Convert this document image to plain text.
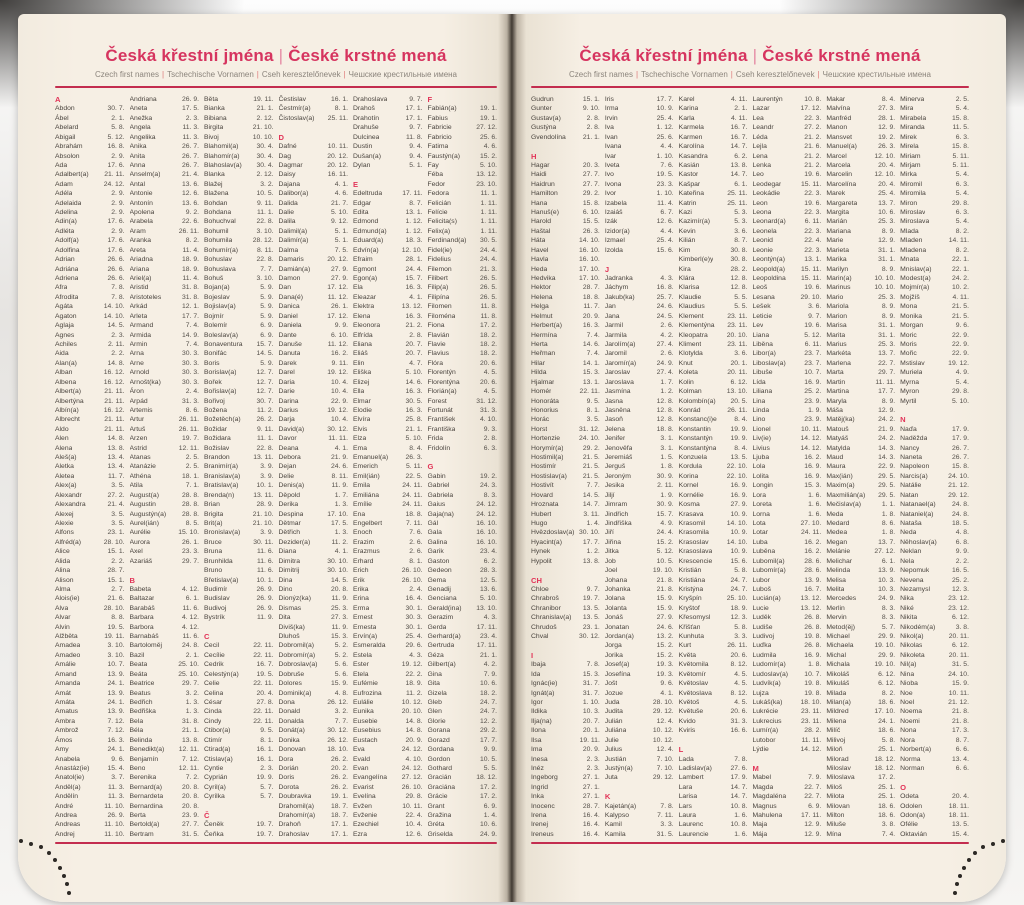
Česká křestní jména | České krstné mená
Czech first names | Tschechische Vornamen | Cseh keresztelőnevek | Чешские крестильные имена
A
Abdon	30. 7.
Ábel	2. 1.
Abelard	5. 8.
Abigail	5. 12.
Abrahám	16. 8.
Absolon	2. 9.
Ada	17. 6.
Adalbert(a) 21. 11.
Adam	24. 12.
Adéla	2. 9.
Adelaida	2. 9.
Adelina	2. 9.
Adin(a)	17. 6.
Adléta	2. 9.
Adolf(a)	17. 6.
Adolfina	17. 6.
Adrian	26. 6.
Adriána	26. 6.
Adriena	26. 6.
Afra	7. 8.
Afrodita	7. 8.
Agáta	14. 10.
Agaton	14. 10.
Aglaja	14. 5.
Agnes	2. 3.
Achiles	2. 11.
Aida	2. 2.
Alan(a)	14. 8.
Alban	16. 12.
Albena	16. 12.
Albert(a)	21. 11.
Albertýna	21. 11.
Albín(a)	16. 12.
Albrecht	21. 11.
Aldo	21. 11.
Alen	14. 8.
Alena	13. 8.
Aleš(a)	13. 4.
Aletka	13. 4.
Aletea	11. 7.
Alex(a)	3. 5.
Alexandr	27. 2.
Alexandra	21. 4.
Alexej	3. 5.
Alexie	3. 5.
Alfons	23. 1.
Alfréd(a)	28. 10.
Alice	15. 1.
Alida	2. 2.
Alina	28. 7.
Alison	15. 1.
Alma	2. 7.
Alois(ie)	21. 6.
Alva	28. 10.
Alvar	8. 8.
Alvin	19. 5.
Alžběta	19. 11.
Amadea	3. 10.
Amadeo	3. 10.
Amálie	10. 7.
Amand	13. 9.
Amanda	24. 1.
Amát	13. 9.
Amáta	24. 1.
Amatus	13. 9.
Ambra	7. 12.
Ambrož	7. 12.
Ámos	16. 3.
Amy	24. 1.
Anabela	9. 6.
Anastáz(ie)	15. 4.
Anatol(ie)	3. 7.
Anděl(a)	11. 3.
Andělín	11. 3.
André	11. 10.
Andrea	26. 9.
Andreas	11. 10.
Andrej	11. 10.
Andriana	26. 9.
Aneta	17. 5.
Anežka	2. 3.
Angela	11. 3.
Angelika	11. 3.
Anika	26. 7.
Anita	26. 7.
Anna	26. 7.
Anselm(a)	21. 4.
Antal	13. 6.
Antonie	12. 6.
Antonín	13. 6.
Apolena	9. 2.
Arabela	22. 6.
Aram	26. 11.
Aranka	8. 2.
Areta	11. 4.
Ariadna	18. 9.
Ariana	18. 9.
Ariel(a)	11. 4.
Aristid	31. 8.
Aristoteles	31. 8.
Arkád	12. 1.
Arleta	17. 7.
Armand	7. 4.
Armida	14. 9.
Armin	7. 4.
Arna	30. 3.
Arne	30. 3.
Arnold	30. 3.
Arnošt(ka)	30. 3.
Áron	2. 4.
Arpád	31. 3.
Artemis	8. 6.
Artur	26. 11.
Artuš	26. 11.
Arzen	19. 7.
Astrid	12. 11.
Atanas	2. 5.
Atanázie	2. 5.
Athéna	18. 1.
Atila	7. 1.
August(a)	28. 8.
Augustin	28. 8.
Augustýn(a) 28. 8.
Aurel(ián)	8. 5.
Aurélie	15. 10.
Aurora	26. 1.
Axel	23. 3.
Azariáš	29. 7.
B
Babeta	4. 12.
Baltazar	6. 1.
Barabáš	11. 6.
Barbara	4. 12.
Barbora	4. 12.
Barnabáš	11. 6.
Bartoloměj	24. 8.
Bazil	2. 1.
Beata	25. 10.
Beáta	25. 10.
Beatrice	29. 7.
Beatus	3. 2.
Bedřich	1. 3.
Bedřiška	1. 3.
Bela	31. 8.
Béla	21. 1.
Belinda	13. 8.
Benedikt(a) 12. 11.
Benjamín	7. 12.
Beno	12. 11.
Berenika	7. 2.
Bernard(a)	20. 8.
Bernardeta	20. 8.
Bernardina	20. 8.
Berta	23. 9.
Bertold(a)	27. 7.
Bertram	31. 5.
Běta	19. 11.
Bianka	21. 1.
Bibiana	2. 12.
Birgita	21. 10.
Bivoj	10. 10.
Blahomil(a)	30. 4.
Blahomír(a) 30. 4.
Blahoslav(a) 30. 4.
Blanka	2. 12.
Blažej	3. 2.
Blažena	10. 5.
Bohdan	9. 11.
Bohdana	11. 1.
Bohuchval	22. 8.
Bohumil	3. 10.
Bohumila	28. 12.
Bohumír(a)	8. 11.
Bohuslav	22. 8.
Bohuslava	7. 7.
Bohuš	3. 10.
Bojan(a)	5. 9.
Bojeslav	5. 9.
Bojislav(a)	5. 9.
Bojmír	5. 9.
Bolemír	6. 9.
Boleslav(a)	6. 9.
Bonaventura 15. 7.
Bonifác	14. 5.
Boris	5. 9.
Borislav(a)	12. 7.
Bořek	12. 7.
Bořislav(a)	12. 7.
Bořivoj	30. 7.
Božena	11. 2.
Božetěch(a) 26. 2.
Božidar	9. 11.
Božidara	11. 1.
Božislav	22. 8.
Brandon	13. 11.
Branimír(a)	3. 9.
Branislav(a)	3. 9.
Bratislav(a)	10. 1.
Brenda(n)	13. 11.
Brian	28. 9.
Brigita	21. 10.
Brit(a)	21. 10.
Bronislav(a)	3. 9.
Bruce	30. 11.
Bruna	11. 6.
Brunhilda	11. 6.
Bruno	11. 6.
Břetislav(a)	10. 1.
Budimír	26. 9.
Budislav	26. 9.
Budivoj	26. 9.
Bystrík	11. 9.
C
Cecil	22. 11.
Cecílie	22. 11.
Cedrik	16. 7.
Celestýn(a)	19. 5.
Celie	22. 11.
Celina	20. 4.
César	27. 8.
Cinda	22. 11.
Cindy	22. 11.
Ctibor(a)	9. 5.
Ctimír	8. 1.
Ctirad(a)	16. 1.
Ctislav(a)	16. 1.
Cyntie	2. 3.
Cyprián	19. 9.
Cyril(a)	5. 7.
Cyrilka	5. 7.
Č
Čeněk	19. 7.
Čeňka	19. 7.
Čestislav	16. 1.
Čestmír(a)	8. 1.
Čistoslav(a) 25. 11.
D
Dafné	10. 11.
Dag	20. 12.
Dagmar	20. 12.
Daisy	16. 11.
Dajana	4. 1.
Dalibor(a)	4. 6.
Dalida	21. 7.
Dalie	5. 10.
Dalila	9. 12.
Dalimil(a)	5. 1.
Dalimír(a)	5. 1.
Dalma	7. 5.
Damaris	20. 12.
Damián(a)	27. 9.
Damon	27. 9.
Dan	17. 12.
Dana(é)	11. 12.
Danica	26. 1.
Daniel	17. 12.
Daniela	9. 9.
Dante	6. 10.
Danuše	11. 12.
Danuta	16. 2.
Darek	9. 11.
Darel	19. 12.
Daria	10. 4.
Darie	10. 4.
Darina	22. 9.
Darius	19. 12.
Darja	10. 4.
David(a)	30. 12.
Davor	11. 11.
Deana	4. 1.
Debora	21. 9.
Dejan	24. 6.
Delie	8. 11.
Denis(a)	11. 9.
Děpold	1. 7.
Derika	1. 3.
Despina	17. 10.
Dětmar	17. 5.
Dětřich	1. 3.
Dezider(a)	11. 2.
Diana	4. 1.
Dimitra	30. 10.
Dimitrij	30. 10.
Dina	14. 5.
Dino	20. 8.
Dionýz(ka)	11. 9.
Dismas	25. 3.
Dita	27. 3.
Diviš(ka)	11. 9.
Dluhoš	15. 3.
Dobromil(a)	5. 2.
Dobromír(a)	5. 2.
Dobroslav(a)	5. 6.
Dobruše	5. 6.
Dolores	15. 9.
Dominik(a)	4. 8.
Dona	26. 12.
Donald	3. 2.
Donalda	7. 7.
Donát(a)	30. 12.
Donika	26. 12.
Donovan	18. 10.
Dora	26. 2.
Dorián	20. 2.
Doris	26. 2.
Dorota	26. 2.
Doubravka	19. 1.
Drahomil(a) 18. 7.
Drahomír(a) 18. 7.
Drahoň	17. 1.
Drahoslav	17. 1.
Drahoslava	9. 7.
Drahoš	17. 1.
Drahotín	17. 1.
Drahuše	9. 7.
Dulcinea	11. 8.
Dustin	9. 4.
Dušan(a)	9. 4.
Dylan	5. 1.
E
Edeltruda	17. 11.
Edgar	8. 7.
Edita	13. 1.
Edmond	1. 12.
Edmund(a)	1. 12.
Eduard(a)	18. 3.
Edvín(a)	12. 10.
Efraim	28. 1.
Egmont	24. 4.
Egon(a)	15. 7.
Ela	16. 3.
Eleazar	4. 1.
Elektra	13. 12.
Elena	16. 3.
Eleonora	21. 2.
Elfrída	2. 8.
Eliana	20. 7.
Eliáš	20. 7.
Elin	4. 7.
Eliška	5. 10.
Elizej	14. 6.
Ella	16. 3.
Elmar	30. 5.
Elodie	16. 3.
Elvíra	25. 8.
Elvis	21. 1.
Elza	5. 10.
Ema	8. 4.
Emanuel(a)	26. 3.
Emerich	5. 11.
Emil(ián)	22. 5.
Emila	24. 11.
Emiliána	24. 11.
Emílie	24. 11.
Ena	18. 8.
Engelbert	7. 11.
Enoch	7. 6.
Erazim	2. 6.
Erazmus	2. 6.
Erhard	8. 1.
Erich	26. 10.
Erik	26. 10.
Erika	2. 4.
Erina	16. 4.
Erma	30. 1.
Ernest	30. 3.
Ernesta	30. 1.
Ervín(a)	25. 4.
Esmeralda	29. 6.
Estela	4. 3.
Ester	19. 12.
Etela	22. 2.
Eufémie	18. 9.
Eufrozina	11. 2.
Eulálie	10. 12.
Eunika	20. 10.
Eusebie	14. 8.
Eusebius	14. 8.
Eustach	20. 9.
Eva	24. 12.
Evald	4. 10.
Evan	24. 12.
Evangelína 27. 12.
Evarist	26. 10.
Evelína	29. 8.
Evžen	10. 11.
Evženie	22. 4.
Ezechiel	10. 4.
Ezra	12. 6.
F
Fabián(a)	19. 1.
Fabius	19. 1.
Fabricie	27. 12.
Fabricio	25. 6.
Fatima	4. 6.
Faustýn(a)	15. 2.
Fay	5. 10.
Féba	13. 12.
Fedor	23. 10.
Fedora	11. 1.
Felicián	1. 11.
Felície	1. 11.
Felicita(s)	1. 11.
Felix(a)	1. 11.
Ferdinand(a) 30. 5.
Fidel(ie)	24. 4.
Fidelius	24. 4.
Filemon	21. 3.
Filibert	26. 5.
Filip(a)	26. 5.
Filipína	26. 5.
Filomen	11. 8.
Filoména	11. 8.
Fiona	17. 2.
Flavián	18. 2.
Flavie	18. 2.
Flavius	18. 2.
Flóra	20. 6.
Florentýn	4. 5.
Florentýna	20. 6.
Florián(a)	4. 5.
Forest	31. 12.
Fortunát	31. 3.
František	4. 10.
Františka	9. 3.
Frida	2. 8.
Fridolín	6. 3.
G
Gabin	19. 2.
Gabriel	24. 3.
Gabriela	8. 3.
Gaius	24. 12.
Gaja(na)	24. 12.
Gál	16. 10.
Gala	16. 10.
Galina	16. 10.
Garik	23. 4.
Gaston	6. 2.
Gedeon	28. 3.
Gema	12. 5.
Genadij	13. 6.
Genciana	5. 10.
Gerald(ina) 13. 10.
Gerazim	4. 3.
Gerda	17. 11.
Gerhard(a)	23. 4.
Gertruda	17. 11.
Géza	21. 1.
Gilbert(a)	4. 2.
Gina	7. 9.
Gita	10. 6.
Gizela	18. 2.
Gleb	24. 7.
Glen	24. 7.
Glorie	12. 2.
Gorana	29. 2.
Gorazd	17. 7.
Gordana	9. 9.
Gordon	10. 5.
Gothard	5. 5.
Gracián	18. 12.
Graciána	17. 2.
Grácie	17. 2.
Grant	6. 9.
Gražina	1. 4.
Gréta	10. 6.
Griselda	24. 9.
Česká křestní jména | České krstné mená
Czech first names | Tschechische Vornamen | Cseh keresztelőnevek | Чешские крестильные имена
Gudrun	15. 1.
Gunter	9. 10.
Gustav(a)	2. 8.
Gustýna	2. 8.
Gvendolína	21. 1.
H
Hagar	20. 3.
Haidi	27. 7.
Haidrun	27. 7.
Hamilton	29. 2.
Hana	15. 8.
Hanuš(e)	6. 10.
Harold	15. 5.
Haštal	26. 3.
Háta	14. 10.
Havel	16. 10.
Havla	16. 10.
Heda	17. 10.
Hedvika	17. 10.
Hektor	28. 7.
Helena	18. 8.
Helga	11. 7.
Helmut	20. 9.
Herbert(a)	16. 3.
Hermína	7. 4.
Herta	14. 6.
Heřman	7. 4.
Hilar	14. 1.
Hilda	15. 3.
Hjalmar	13. 1.
Homér	22. 11.
Honoráta	9. 5.
Honorius	8. 1.
Horác	3. 5.
Horst	31. 12.
Hortenzie	24. 10.
Horymír(a)	29. 2.
Hostimil(a)	21. 5.
Hostimír	21. 5.
Hostislav(a) 21. 5.
Hostivít	7. 7.
Hovard	14. 5.
Hroznata	14. 7.
Hubert	3. 11.
Hugo	1. 4.
Hvězdoslav(a) 30. 10.
Hyacint(a)	17. 7.
Hynek	1. 2.
Hypolit	13. 8.
CH
Chloe	9. 7.
Chrabroš	19. 7.
Chranibor	13. 5.
Chranislav(a) 13. 5.
Chrudoš	23. 1.
Chval	30. 12.
I
Ibaja	7. 8.
Ida	15. 3.
Ignác(ie)	31. 7.
Ignát(a)	31. 7.
Igor	1. 10.
Ildika	10. 3.
Ilja(na)	20. 7.
Ilona	20. 1.
Ilsa	19. 11.
Ima	20. 9.
Inesa	2. 3.
Inéz	2. 3.
Ingeborg	27. 1.
Ingrid	27. 1.
Inka	27. 1.
Inocenc	28. 7.
Irena	16. 4.
Irenej	16. 4.
Ireneus	16. 4.
Iris	17. 7.
Irma	10. 9.
Irvin	25. 4.
Iva	1. 12.
Ivan	25. 6.
Ivana	4. 4.
Ivar	1. 10.
Iveta	7. 6.
Ivo	19. 5.
Ivona	23. 3.
Ivor	1. 10.
Izabela	11. 4.
Izaiáš	6. 7.
Izák	12. 6.
Izidor(a)	4. 4.
Izmael	25. 4.
Izolda	15. 6.
J
Jadranka	4. 3.
Jáchym	16. 8.
Jakub(ka)	25. 7.
Jan	24. 6.
Jana	24. 5.
Jarmil	2. 6.
Jarmila	4. 2.
Jarolím(a)	27. 4.
Jaromil	2. 6.
Jaromír(a)	24. 9.
Jaroslav	27. 4.
Jaroslava	1. 7.
Jasmína	1. 2.
Jasna	12. 8.
Jasněna	12. 8.
Jasoň	12. 8.
Jelena	18. 8.
Jenifer	3. 1.
Jenověfa	3. 1.
Jeremiáš	1. 5.
Jerguš	1. 8.
Jeroným	30. 9.
Jesika	2. 11.
Jiljí	1. 9.
Jimram	30. 9.
Jindřich	15. 7.
Jindřiška	4. 9.
Jiří	24. 4.
Jiřina	15. 2.
Jitka	5. 12.
Job	10. 5.
Joel	19. 10.
Johana	21. 8.
Johanka	21. 8.
Jolana	15. 9.
Jolanta	15. 9.
Jonáš	27. 9.
Jonatan	24. 6.
Jordan(a)	13. 2.
Jorga	15. 2.
Jorika	15. 2.
Josef(a)	19. 3.
Josefína	19. 3.
Jošt	9. 6.
Jozue	4. 1.
Juda	28. 10.
Judita	29. 12.
Julián	12. 4.
Juliána	10. 12.
Julie	10. 12.
Julius	12. 4.
Justián	7. 10.
Justýn(a)	7. 10.
Juta	29. 12.
K
Kajetán(a)	7. 8.
Kalypso	7. 11.
Kamil	3. 3.
Kamila	31. 5.
Karel	4. 11.
Karina	2. 1.
Karla	4. 11.
Karmela	16. 7.
Karmen	16. 7.
Karolína	14. 7.
Kasandra	6. 2.
Kasián	13. 8.
Kastor	14. 7.
Kašpar	6. 1.
Kateřina	25. 11.
Katrin	25. 11.
Kazi	5. 3.
Kazimír(a)	5. 3.
Kevin	3. 6.
Kilián	8. 7.
Kim	30. 8.
Kimberl(e)y	30. 8.
Kira	28. 2.
Klára	12. 8.
Klarisa	12. 8.
Klaudie	5. 5.
Klaudius	5. 5.
Klement	23. 11.
Klementýna 23. 11.
Kleopatra	20. 10.
Kliment	23. 11.
Klotylda	3. 6.
Knut	20. 1.
Koleta	20. 11.
Kolin	6. 12.
Kolman	13. 10.
Kolombín(a) 20. 5.
Konrád	26. 11.
Konstanc(i)e	8. 4.
Konstantin	19. 9.
Konstantýn	19. 9.
Konstantýna	8. 4.
Konzuela	13. 5.
Kordula	22. 10.
Korina	22. 10.
Kornel	16. 9.
Kornélie	16. 9.
Kosma	27. 9.
Krasava	10. 9.
Krasomil	14. 10.
Krasomila	10. 9.
Krasoslav	14. 10.
Krasoslava	10. 9.
Krescencie	15. 6.
Kristián	5. 8.
Kristiána	24. 7.
Kristýna	24. 7.
Kryšpín	25. 10.
Kryštof	18. 9.
Křesomysl	12. 3.
Křišťan	5. 8.
Kunhuta	3. 3.
Kurt	26. 11.
Květa	20. 6.
Květomila	8. 12.
Květomír	4. 5.
Květoslav	4. 5.
Květoslava	8. 12.
Květoš	4. 5.
Květuše	20. 6.
Kvido	31. 3.
Kviris	16. 6.
L
Lada	7. 8.
Ladislav(a)	27. 6.
Lambert	17. 9.
Lara	14. 7.
Larisa	14. 7.
Lars	10. 8.
Laura	1. 6.
Laurenc	10. 8.
Laurencie	1. 6.
Laurentýn	10. 8.
Lazar	17. 12.
Lea	22. 3.
Leandr	27. 2.
Léda	21. 2.
Lejla	21. 6.
Lena	21. 2.
Lenka	21. 2.
Leo	19. 6.
Leodegar	15. 11.
Leokádie	22. 3.
Leon	19. 6.
Leona	22. 3.
Leonard(a)	6. 11.
Leonela	22. 3.
Leonid	22. 4.
Leonie	22. 3.
Leontýn(a)	13. 1.
Leopold(a) 15. 11.
Leopoldina 15. 11.
Leoš	19. 6.
Lesana	29. 10.
Lešek	3. 6.
Leticie	9. 7.
Lev	19. 6.
Liana	5. 12.
Liběna	6. 11.
Libor(a)	23. 7.
Liboslav(a)	23. 7.
Libuše	10. 7.
Lída	16. 9.
Liliana	25. 2.
Lina	23. 9.
Linda	1. 9.
Lino	23. 9.
Lionel	10. 11.
Liv(ie)	14. 12.
Livius	14. 12.
Ljuba	16. 2.
Lola	16. 9.
Lolita	16. 9.
Longin	15. 3.
Lora	1. 6.
Loreta	1. 6.
Lorna	1. 6.
Lota	27. 10.
Lotar	24. 11.
Luba	16. 2.
Luběna	16. 2.
Lubomil(a)	28. 6.
Lubomír(a)	28. 6.
Lubor	13. 9.
Luboš	16. 7.
Lucián(a)	13. 12.
Lucie	13. 12.
Luděk	26. 8.
Ludiše	26. 8.
Ludivoj	19. 8.
Luďka	26. 8.
Ludmila	16. 9.
Ludomír(a)	1. 8.
Ludoslav(a) 10. 7.
Ludvík(a)	19. 8.
Lujza	19. 8.
Lukáš(ka)	18. 10.
Lukrécie	23. 11.
Lukrecius	23. 11.
Lumír(a)	28. 2.
Lutobor	11. 11.
Lýdie	14. 12.
M
Mabel	7. 9.
Magda	22. 7.
Magdaléna	22. 7.
Magnus	6. 9.
Mahulena	17. 11.
Maja	12. 9.
Mája	12. 9.
Makar	8. 4.
Malvína	27. 3.
Manfréd	28. 1.
Manon	12. 9.
Mansvet	19. 2.
Manuel(a)	26. 3.
Marcel	12. 10.
Marcela	20. 4.
Marcelin	12. 10.
Marcelína	20. 4.
Marek	25. 4.
Margareta	13. 7.
Margita	10. 6.
Marián	25. 3.
Mariana	8. 9.
Marie	12. 9.
Marieta	31. 1.
Marika	31. 1.
Marilyn	8. 9.
Marin(a)	10. 10.
Marinus	10. 10.
Mario	25. 3.
Mariola	8. 9.
Marion	8. 9.
Marisa	31. 1.
Marita	31. 1.
Marius	25. 3.
Markéta	13. 7.
Marlena	22. 7.
Marta	29. 7.
Martin	11. 11.
Martina	17. 7.
Maryla	8. 9.
Máša	12. 9.
Matěj(ka)	24. 2.
Matouš	21. 9.
Matyáš	24. 2.
Matylda	14. 3.
Maud	14. 3.
Maura	22. 9.
Max(ián)	29. 5.
Maxim(a)	29. 5.
Maxmilián(a) 29. 5.
Mečislav(a)	1. 1.
Meda	1. 8.
Medard	8. 6.
Medea	1. 8.
Megan	13. 7.
Melánie	27. 12.
Melichar	6. 1.
Melinda	13. 9.
Melisa	10. 3.
Melita	10. 3.
Mercedes	24. 9.
Merlin	8. 3.
Mervin	8. 3.
Metod(ěj)	5. 7.
Michael	29. 9.
Michaela	19. 10.
Michal	29. 9.
Michala	19. 10.
Mikoláš	6. 12.
Mikuláš	6. 12.
Milada	8. 2.
Milan(a)	18. 6.
Mildred	17. 10.
Milena	24. 1.
Milíč	18. 6.
Milivoj	5. 8.
Miloň	25. 1.
Milorad	18. 12.
Miloslav	18. 12.
Miloslava	17. 2.
Miloš	25. 1.
Milota	25. 1.
Milovan	18. 6.
Milton	18. 6.
Miluše	3. 8.
Mína	7. 4.
Minerva	2. 5.
Mira	5. 4.
Mirabela	15. 8.
Miranda	11. 5.
Mirek	6. 3.
Mirela	15. 8.
Miriam	5. 11.
Mirjam	5. 11.
Mirka	5. 4.
Miromil	6. 3.
Miromila	5. 4.
Miron	29. 8.
Miroslav	6. 3.
Miroslava	5. 4.
Mlada	8. 2.
Mladen	14. 11.
Mladena	8. 2.
Mnata	22. 1.
Mnislav(a)	22. 1.
Modest(a)	24. 2.
Mojmír(a)	10. 2.
Mojžíš	4. 11.
Mona	21. 5.
Monika	21. 5.
Morgan	9. 6.
Moric	22. 9.
Moris	22. 9.
Mořic	22. 9.
Mstislav	19. 12.
Muriela	4. 9.
Myrna	5. 4.
Myron	29. 8.
Myrtil	5. 10.
N
Naďa	17. 9.
Naděžda	17. 9.
Nancy	26. 7.
Naneta	26. 7.
Napoleon	15. 8.
Narcis(a)	24. 10.
Natálie	21. 12.
Natan	29. 12.
Natanael(a) 24. 8.
Nataniel(a)	24. 8.
Nataša	18. 5.
Neda	4. 8.
Něhoslav(a)	6. 8.
Neklan	9. 9.
Nela	2. 2.
Nepomuk	16. 5.
Nevena	25. 2.
Nezamysl	12. 3.
Nika	23. 12.
Niké	23. 12.
Nikita	6. 12.
Nikodém(a)	3. 8.
Nikol(a)	20. 11.
Nikolas	6. 12.
Nikoleta	20. 11.
Nil(a)	31. 5.
Nina	24. 10.
Nioba	15. 9.
Noe	10. 11.
Noel	21. 12.
Noema	21. 8.
Noemi	21. 8.
Nona	17. 3.
Nora	8. 7.
Norbert(a)	6. 6.
Norma	13. 4.
Norman	6. 6.
O
Odeta	20. 4.
Odolen	18. 11.
Odon(a)	18. 11.
Ofélie	13. 5.
Oktavián	15. 4.
